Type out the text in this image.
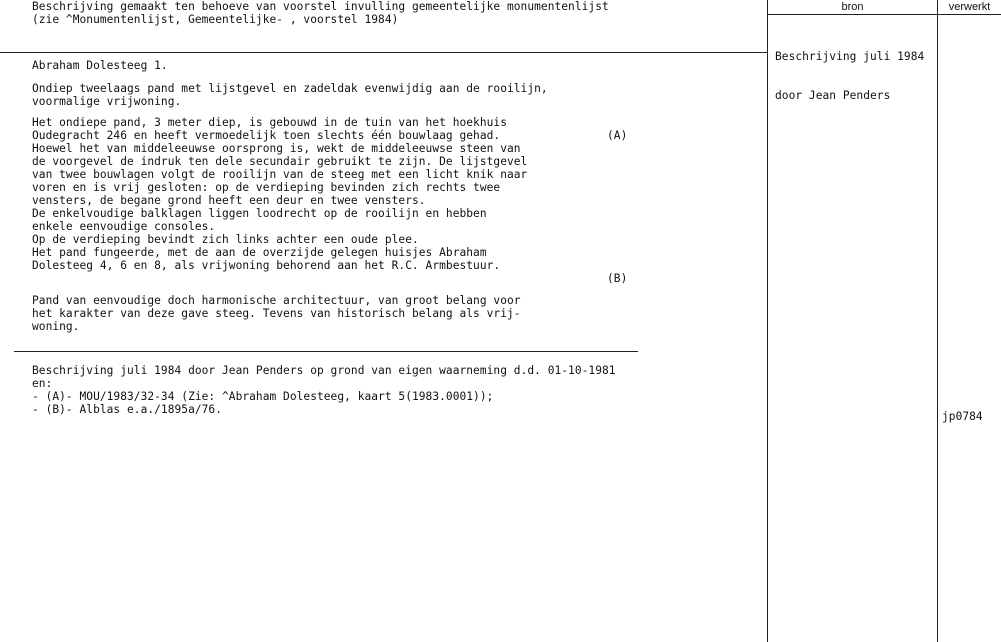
bron	verwerkt

Beschrijving juli 1984

door Jean Penders

jp0784
Beschrijving gemaakt ten behoeve van voorstel invulling gemeentelijke monumentenlijst
(zie ^Monumentenlijst, Gemeentelijke- , voorstel 1984)
Abraham Dolesteeg 1.
Ondiep tweelaags pand met lijstgevel en zadeldak evenwijdig aan de rooilijn,
voormalige vrijwoning.
Het ondiepe pand, 3 meter diep, is gebouwd in de tuin van het hoekhuis
Oudegracht 246 en heeft vermoedelijk toen slechts één bouwlaag gehad.
Hoewel het van middeleeuwse oorsprong is, wekt de middeleeuwse steen van
de voorgevel de indruk ten dele secundair gebruikt te zijn. De lijstgevel
van twee bouwlagen volgt de rooilijn van de steeg met een licht knik naar
voren en is vrij gesloten: op de verdieping bevinden zich rechts twee
vensters, de begane grond heeft een deur en twee vensters.
De enkelvoudige balklagen liggen loodrecht op de rooilijn en hebben
enkele eenvoudige consoles.
Op de verdieping bevindt zich links achter een oude plee.
Het pand fungeerde, met de aan de overzijde gelegen huisjes Abraham
Dolesteeg 4, 6 en 8, als vrijwoning behorend aan het R.C. Armbestuur.
(A)
(B)
Pand van eenvoudige doch harmonische architectuur, van groot belang voor
het karakter van deze gave steeg. Tevens van historisch belang als vrij-
woning.
Beschrijving juli 1984 door Jean Penders op grond van eigen waarneming d.d. 01-10-1981
en:
- (A)- MOU/1983/32-34 (Zie: ^Abraham Dolesteeg, kaart 5(1983.0001));
- (B)- Alblas e.a./1895a/76.
